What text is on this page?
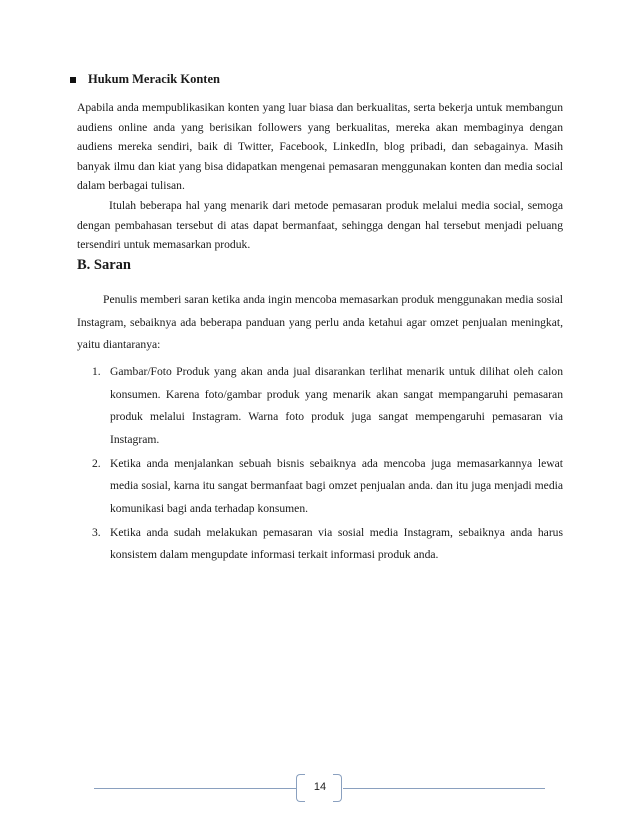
Hukum Meracik Konten

Apabila anda mempublikasikan konten yang luar biasa dan berkualitas, serta bekerja untuk membangun audiens online anda yang berisikan followers yang berkualitas, mereka akan membaginya dengan audiens mereka sendiri, baik di Twitter, Facebook, LinkedIn, blog pribadi, dan sebagainya. Masih banyak ilmu dan kiat yang bisa didapatkan mengenai pemasaran menggunakan konten dan media social dalam berbagai tulisan.

Itulah beberapa hal yang menarik dari metode pemasaran produk melalui media social, semoga dengan pembahasan tersebut di atas dapat bermanfaat, sehingga dengan hal tersebut menjadi peluang tersendiri untuk memasarkan produk.

B. Saran

Penulis memberi saran ketika anda ingin mencoba memasarkan produk menggunakan media sosial Instagram, sebaiknya ada beberapa panduan yang perlu anda ketahui agar omzet penjualan meningkat, yaitu diantaranya:

1. Gambar/Foto Produk yang akan anda jual disarankan terlihat menarik untuk dilihat oleh calon konsumen. Karena foto/gambar produk yang menarik akan sangat mempangaruhi pemasaran produk melalui Instagram. Warna foto produk juga sangat mempengaruhi pemasaran via Instagram.
2. Ketika anda menjalankan sebuah bisnis sebaiknya ada mencoba juga memasarkannya lewat media sosial, karna itu sangat bermanfaat bagi omzet penjualan anda. dan itu juga menjadi media komunikasi bagi anda terhadap konsumen.
3. Ketika anda sudah melakukan pemasaran via sosial media Instagram, sebaiknya anda harus konsistem dalam mengupdate informasi terkait informasi produk anda.
14
